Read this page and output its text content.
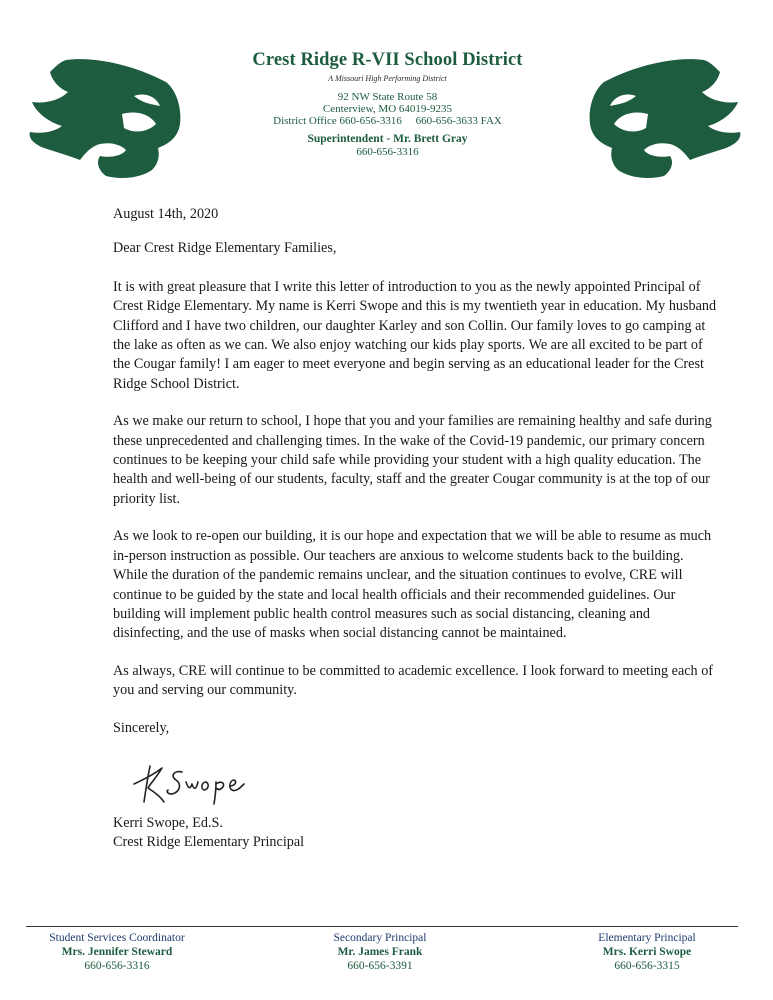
Crest Ridge R-VII School District
A Missouri High Performing District
92 NW State Route 58
Centerview, MO 64019-9235
District Office 660-656-3316     660-656-3633 FAX
Superintendent - Mr. Brett Gray
660-656-3316

August 14th, 2020

Dear Crest Ridge Elementary Families,

It is with great pleasure that I write this letter of introduction to you as the newly appointed Principal of Crest Ridge Elementary. My name is Kerri Swope and this is my twentieth year in education. My husband Clifford and I have two children, our daughter Karley and son Collin. Our family loves to go camping at the lake as often as we can. We also enjoy watching our kids play sports. We are all excited to be part of the Cougar family! I am eager to meet everyone and begin serving as an educational leader for the Crest Ridge School District.

As we make our return to school, I hope that you and your families are remaining healthy and safe during these unprecedented and challenging times. In the wake of the Covid-19 pandemic, our primary concern continues to be keeping your child safe while providing your student with a high quality education. The health and well-being of our students, faculty, staff and the greater Cougar community is at the top of our priority list.

As we look to re-open our building, it is our hope and expectation that we will be able to resume as much in-person instruction as possible. Our teachers are anxious to welcome students back to the building. While the duration of the pandemic remains unclear, and the situation continues to evolve, CRE will continue to be guided by the state and local health officials and their recommended guidelines. Our building will implement public health control measures such as social distancing, cleaning and disinfecting, and the use of masks when social distancing cannot be maintained.

As always, CRE will continue to be committed to academic excellence. I look forward to meeting each of you and serving our community.

Sincerely,

Kerri Swope, Ed.S.
Crest Ridge Elementary Principal
Student Services Coordinator
Mrs. Jennifer Steward
660-656-3316
Secondary Principal
Mr. James Frank
660-656-3391
Elementary Principal
Mrs. Kerri Swope
660-656-3315
